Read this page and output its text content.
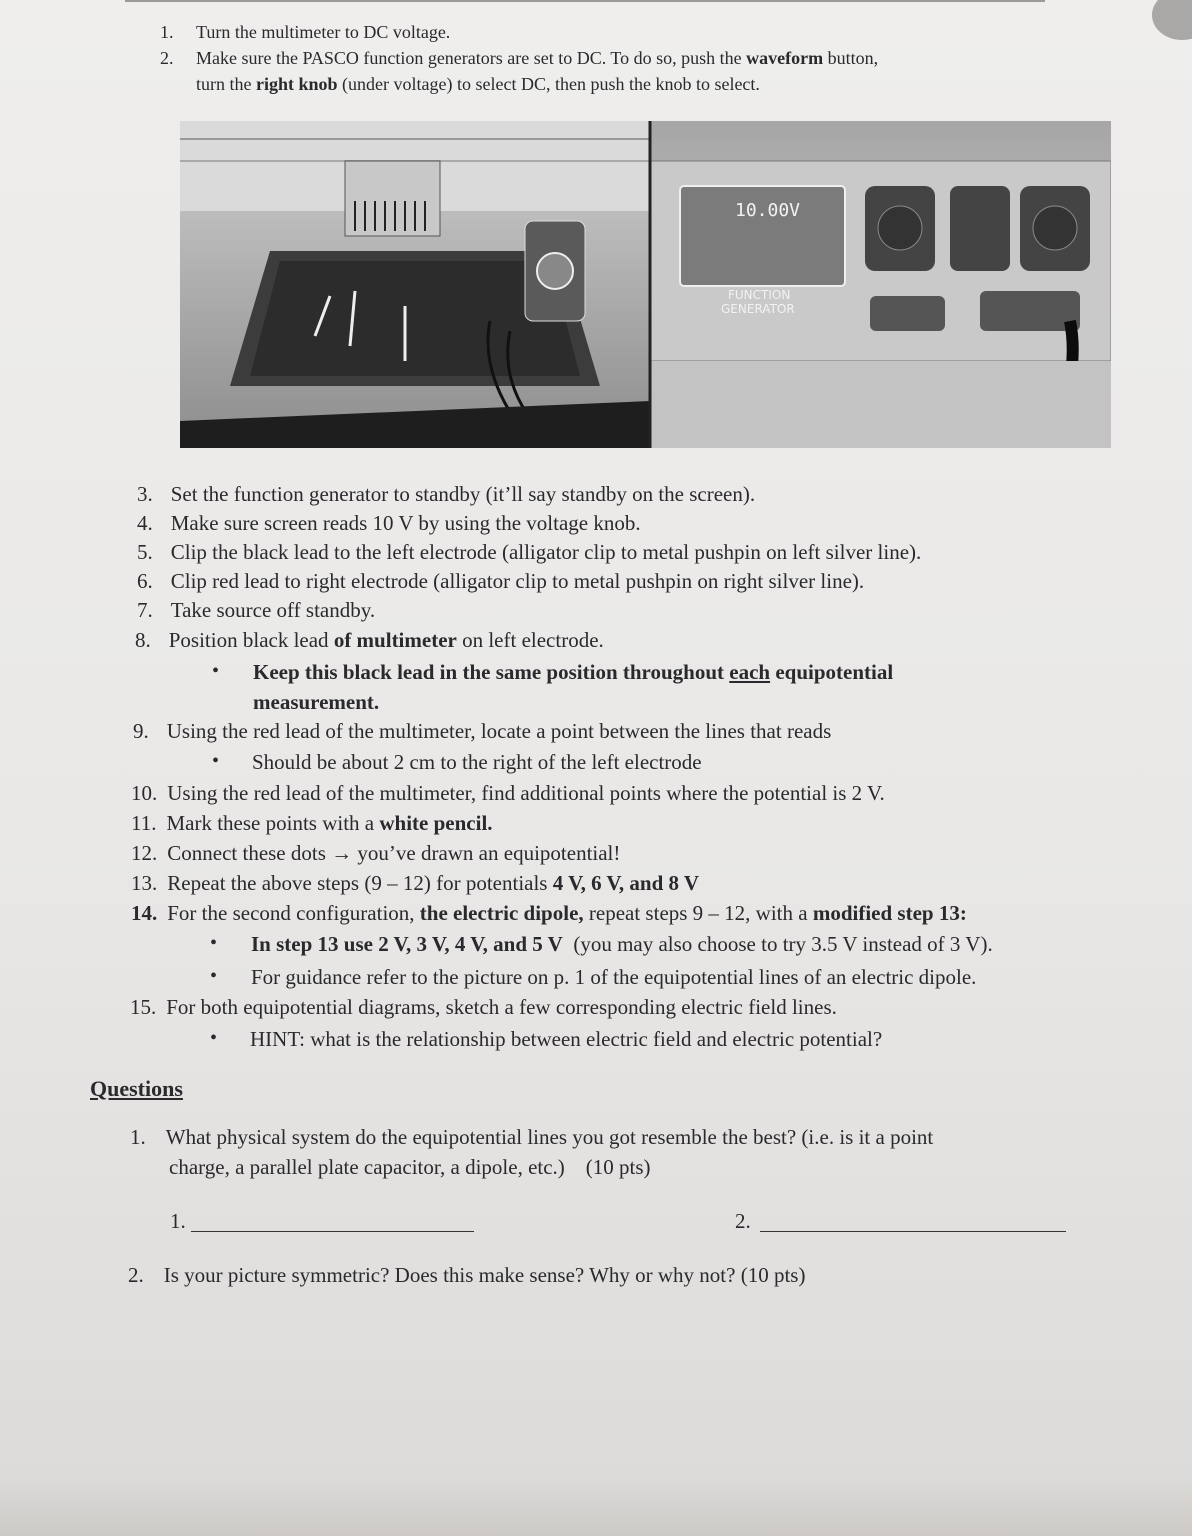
1. Turn the multimeter to DC voltage.
2. Make sure the PASCO function generators are set to DC. To do so, push the waveform button,
turn the right knob (under voltage) to select DC, then push the knob to select.
10.00V
FUNCTION
GENERATOR
3. Set the function generator to standby (it’ll say standby on the screen).
4. Make sure screen reads 10 V by using the voltage knob.
5. Clip the black lead to the left electrode (alligator clip to metal pushpin on left silver line).
6. Clip red lead to right electrode (alligator clip to metal pushpin on right silver line).
7. Take source off standby.
8. Position black lead of multimeter on left electrode.
• Keep this black lead in the same position throughout each equipotential
measurement.
9. Using the red lead of the multimeter, locate a point between the lines that reads
• Should be about 2 cm to the right of the left electrode
10. Using the red lead of the multimeter, find additional points where the potential is 2 V.
11. Mark these points with a white pencil.
12. Connect these dots → you’ve drawn an equipotential!
13. Repeat the above steps (9 – 12) for potentials 4 V, 6 V, and 8 V
14. For the second configuration, the electric dipole, repeat steps 9 – 12, with a modified step 13:
• In step 13 use 2 V, 3 V, 4 V, and 5 V  (you may also choose to try 3.5 V instead of 3 V).
• For guidance refer to the picture on p. 1 of the equipotential lines of an electric dipole.
15. For both equipotential diagrams, sketch a few corresponding electric field lines.
• HINT: what is the relationship between electric field and electric potential?
Questions
1. What physical system do the equipotential lines you got resemble the best? (i.e. is it a point
charge, a parallel plate capacitor, a dipole, etc.)    (10 pts)
1.	2.
2. Is your picture symmetric? Does this make sense? Why or why not? (10 pts)
